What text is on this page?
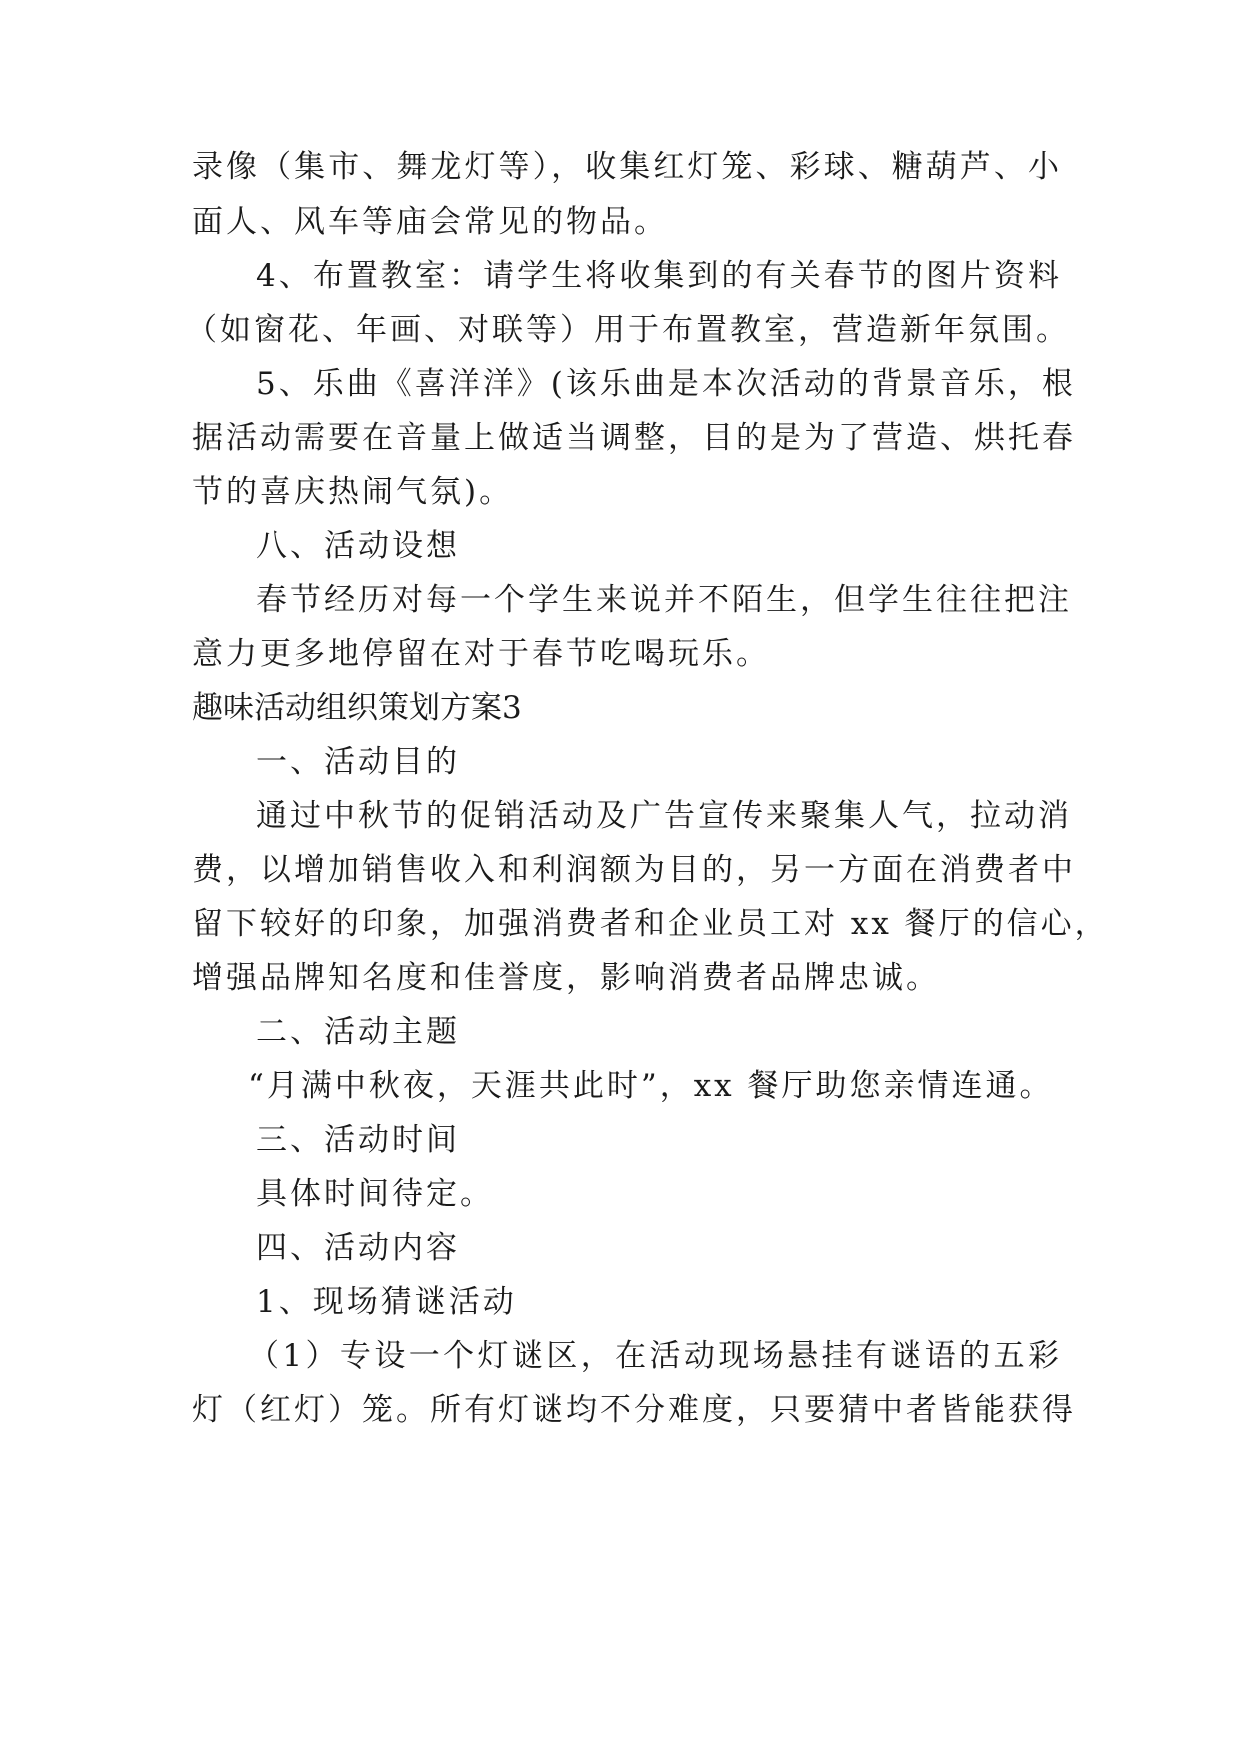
录像（集市、舞龙灯等），收集红灯笼、彩球、糖葫芦、小
面人、风车等庙会常见的物品。
4、布置教室：请学生将收集到的有关春节的图片资料
（如窗花、年画、对联等）用于布置教室，营造新年氛围。
5、乐曲《喜洋洋》(该乐曲是本次活动的背景音乐，根
据活动需要在音量上做适当调整，目的是为了营造、烘托春
节的喜庆热闹气氛)。
八、活动设想
春节经历对每一个学生来说并不陌生，但学生往往把注
意力更多地停留在对于春节吃喝玩乐。
趣味活动组织策划方案3
一、活动目的
通过中秋节的促销活动及广告宣传来聚集人气，拉动消
费，以增加销售收入和利润额为目的，另一方面在消费者中
留下较好的印象，加强消费者和企业员工对 xx 餐厅的信心，
增强品牌知名度和佳誉度，影响消费者品牌忠诚。
二、活动主题
“月满中秋夜，天涯共此时”，xx 餐厅助您亲情连通。
三、活动时间
具体时间待定。
四、活动内容
1、现场猜谜活动
（1）专设一个灯谜区，在活动现场悬挂有谜语的五彩
灯（红灯）笼。所有灯谜均不分难度，只要猜中者皆能获得
